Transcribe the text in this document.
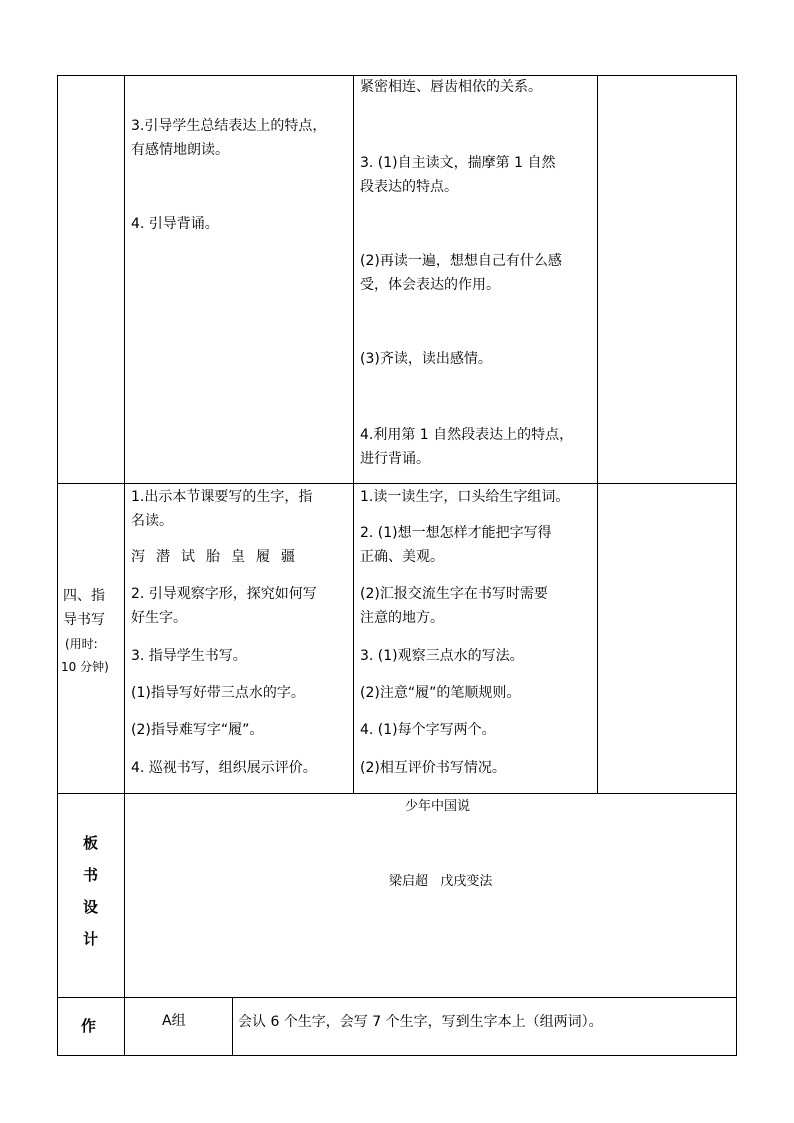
3.引导学生总结表达上的特点，
有感情地朗读。
4. 引导背诵。
紧密相连、唇齿相依的关系。
3. (1)自主读文，揣摩第 1 自然
段表达的特点。
(2)再读一遍，想想自己有什么感
受，体会表达的作用。
(3)齐读，读出感情。
4.利用第 1 自然段表达上的特点，
进行背诵。
四、指
导书写
(用时:
10 分钟)
1.出示本节课要写的生字，指
名读。
泻潜试胎皇履疆
2. 引导观察字形，探究如何写
好生字。
3. 指导学生书写。
(1)指导写好带三点水的字。
(2)指导难写字“履”。
4. 巡视书写，组织展示评价。
1.读一读生字，口头给生字组词。
2. (1)想一想怎样才能把字写得
正确、美观。
(2)汇报交流生字在书写时需要
注意的地方。
3. (1)观察三点水的写法。
(2)注意“履”的笔顺规则。
4. (1)每个字写两个。
(2)相互评价书写情况。
板
书
设
计
少年中国说
梁启超   戊戌变法
作	A组	会认 6 个生字，会写 7 个生字，写到生字本上（组两词）。
